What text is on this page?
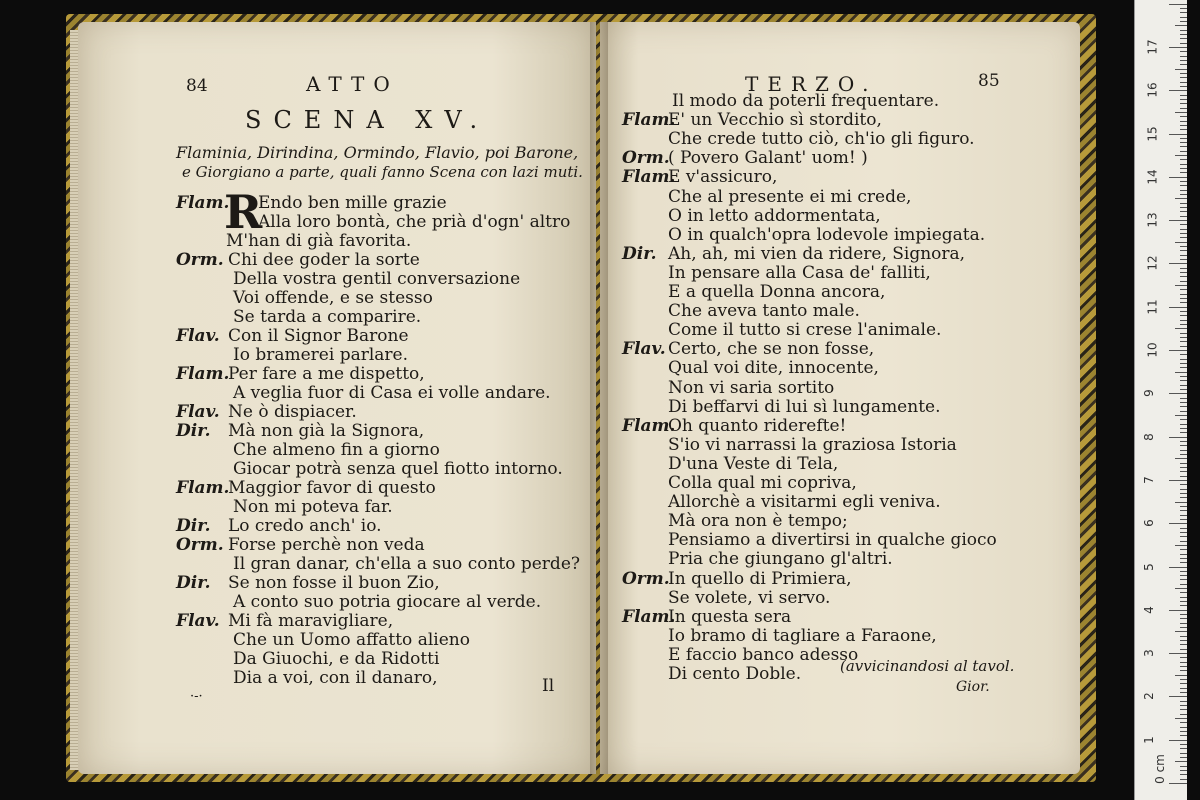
84	ATTO
SCENA XV.
Flaminia, Dirindina, Ormindo, Flavio, poi Barone,
e Giorgiano a parte, quali fanno Scena con lazi muti.
Flam.
R
Endo ben mille grazie
Alla loro bontà, che prià d'ogn' altro
M'han di già favorita.
Orm. Chi dee goder la sorte
Della vostra gentil conversazione
Voi offende, e se stesso
Se tarda a comparire.
Flav. Con il Signor Barone
Io bramerei parlare.
Flam.
Per fare a me dispetto,
A veglia fuor di Casa ei volle andare.
Flav. Ne ò dispiacer.
Dir. Mà non già la Signora,
Che almeno fin a giorno
Giocar potrà senza quel fiotto intorno.
Flam.
Maggior favor di questo
Non mi poteva far.
Dir. Lo credo anch' io.
Orm. Forse perchè non veda
Il gran danar, ch'ella a suo conto perde?
Dir. Se non fosse il buon Zio,
A conto suo potria giocare al verde.
Flav. Mi fà maravigliare,
Che un Uomo affatto alieno
Da Giuochi, e da Ridotti
Dia a voi, con il danaro,
·-·
Il
TERZO.	85
Il modo da poterli frequentare.
Flam.
E' un Vecchio sì stordito,
Che crede tutto ciò, ch'io gli figuro.
Orm.
( Povero Galant' uom! )
Flam.
E v'assicuro,
Che al presente ei mi crede,
O in letto addormentata,
O in qualch'opra lodevole impiegata.
Dir. Ah, ah, mi vien da ridere, Signora,
In pensare alla Casa de' falliti,
E a quella Donna ancora,
Che aveva tanto male.
Come il tutto si crese l'animale.
Flav. Certo, che se non fosse,
Qual voi dite, innocente,
Non vi saria sortito
Di beffarvi di lui sì lungamente.
Flam.
Oh quanto riderefte!
S'io vi narrassi la graziosa Istoria
D'una Veste di Tela,
Colla qual mi copriva,
Allorchè a visitarmi egli veniva.
Mà ora non è tempo;
Pensiamo a divertirsi in qualche gioco
Pria che giungano gl'altri.
Orm.
In quello di Primiera,
Se volete, vi servo.
Flam.
In questa sera
Io bramo di tagliare a Faraone,
E faccio banco adesso
Di cento Doble.	(avvicinandosi al tavol.
Gior.
17
16
15
14
13
12
11
10
9
8
7
6
5
4
3
2
1
0 cm
